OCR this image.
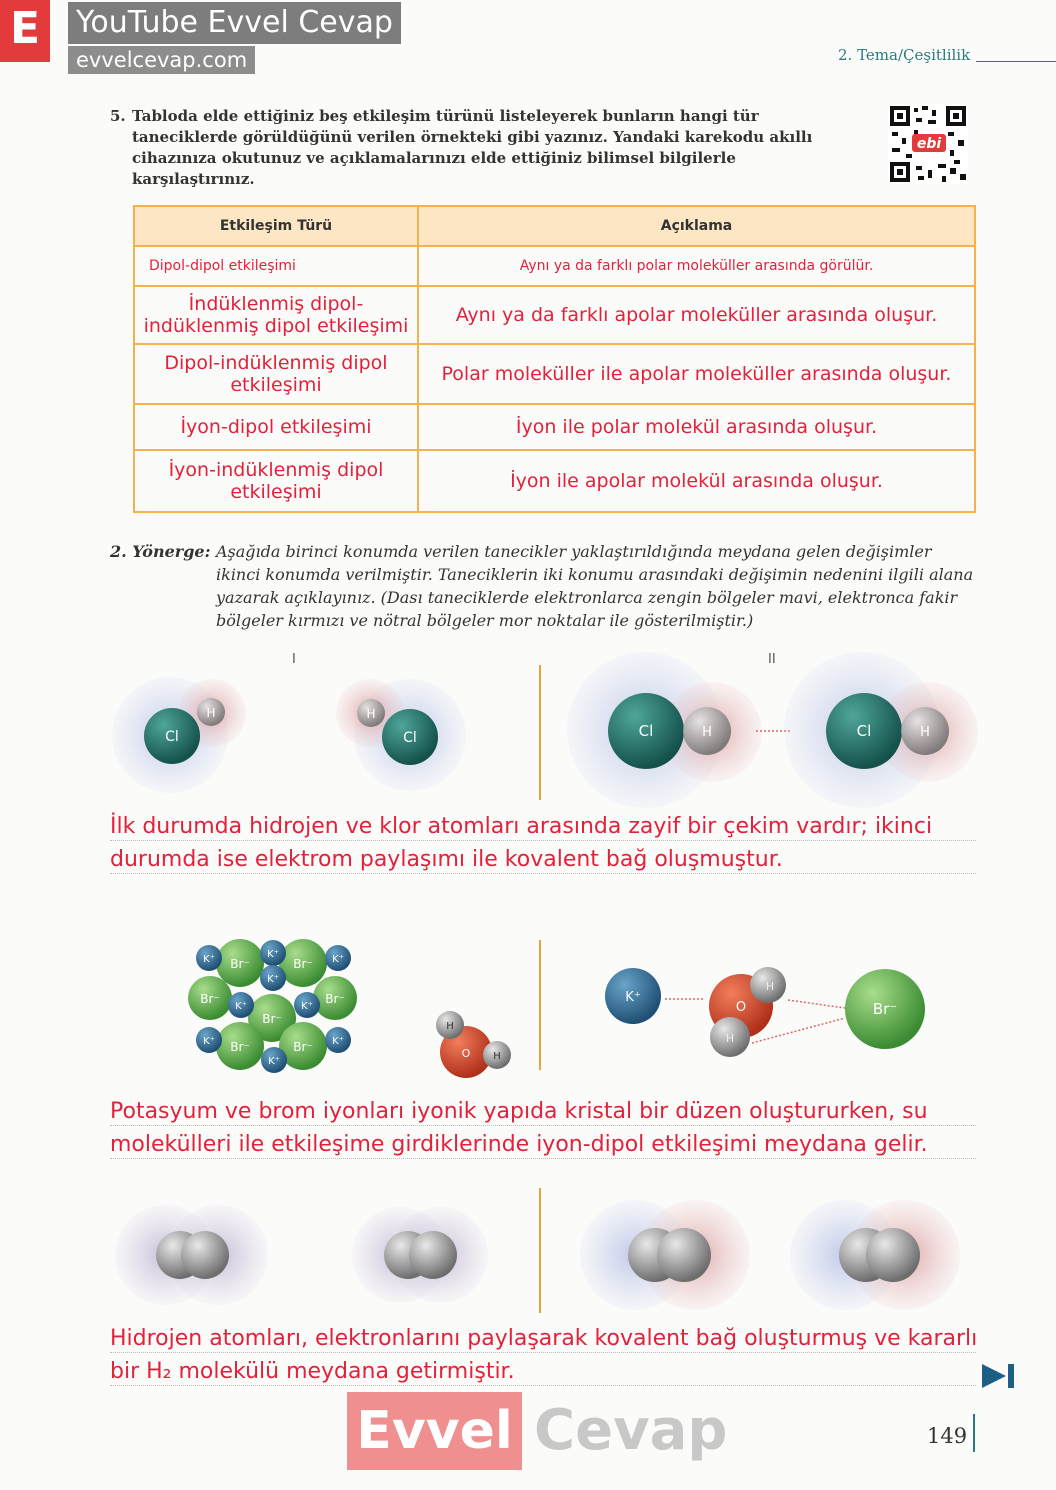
E	YouTube Evvel Cevap
evvelcevap.com	2. Tema/Çeşitlilik
5. Tabloda elde ettiğiniz beş etkileşim türünü listeleyerek bunların hangi tür taneciklerde görüldüğünü verilen örnekteki gibi yazınız. Yandaki karekodu akıllı cihazınıza okutunuz ve açıklamalarınızı elde ettiğiniz bilimsel bilgilerle karşılaştırınız.
ebi
Etkileşim Türü	Açıklama
Dipol-dipol etkileşimi	Aynı ya da farklı polar moleküller arasında görülür.
İndüklenmiş dipol-indüklenmiş dipol etkileşimi	Aynı ya da farklı apolar moleküller arasında oluşur.
Dipol-indüklenmiş dipol etkileşimi	Polar moleküller ile apolar moleküller arasında oluşur.
İyon-dipol etkileşimi	İyon ile polar molekül arasında oluşur.
İyon-indüklenmiş dipol etkileşimi	İyon ile apolar molekül arasında oluşur.
2. Yönerge: Aşağıda birinci konumda verilen tanecikler yaklaştırıldığında meydana gelen değişimler ikinci konumda verilmiştir. Taneciklerin iki konumu arasındaki değişimin nedenini ilgili alana yazarak açıklayınız. (Dası taneciklerde elektronlarca zengin bölgeler mavi, elektronca fakir bölgeler kırmızı ve nötral bölgeler mor noktalar ile gösterilmiştir.)
I	II
Cl
H
Cl
H
Cl	H	Cl	H
Br⁻	Br⁻
Br⁻
Br⁻
Br⁻
Br⁻	Br⁻
K⁺	K⁺	K⁺
K⁺
K⁺	K⁺
K⁺	K⁺
K⁺
O
H
H
K⁺
O
H
H
Br⁻
İlk durumda hidrojen ve klor atomları arasında zayif bir çekim vardır; ikinci durumda ise elektrom paylaşımı ile kovalent bağ oluşmuştur.
Potasyum ve brom iyonları iyonik yapıda kristal bir düzen oluştururken, su molekülleri ile etkileşime girdiklerinde iyon-dipol etkileşimi meydana gelir.
Hidrojen atomları, elektronlarını paylaşarak kovalent bağ oluşturmuş ve kararlı bir H₂ molekülü meydana getirmiştir.
149
Evvel Cevap
